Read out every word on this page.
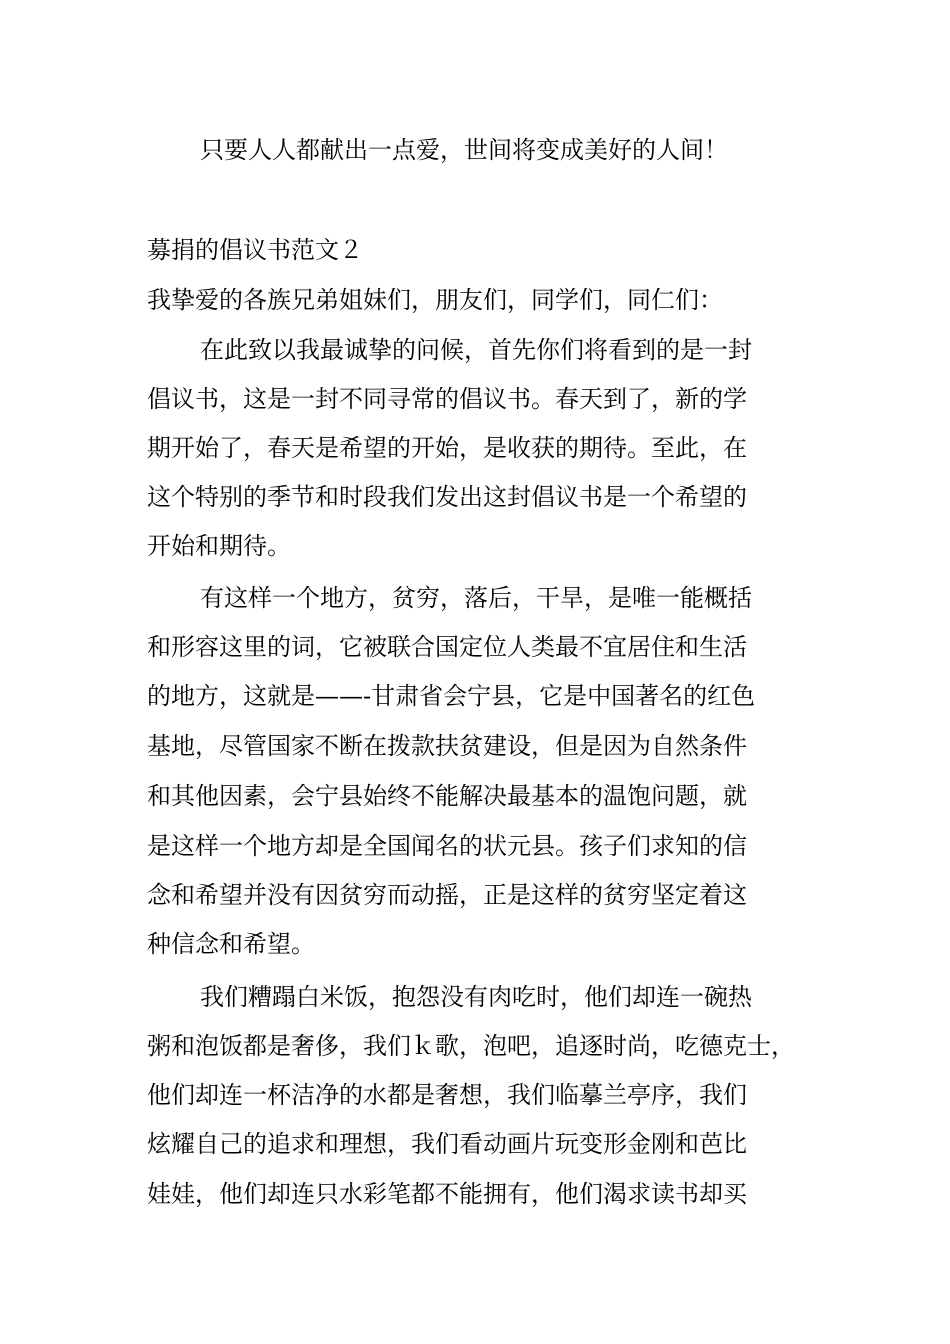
只要人人都献出一点爱，世间将变成美好的人间！
募捐的倡议书范文２
我挚爱的各族兄弟姐妹们，朋友们，同学们，同仁们：
在此致以我最诚挚的问候，首先你们将看到的是一封
倡议书，这是一封不同寻常的倡议书。春天到了，新的学
期开始了，春天是希望的开始，是收获的期待。至此，在
这个特别的季节和时段我们发出这封倡议书是一个希望的
开始和期待。
有这样一个地方，贫穷，落后，干旱，是唯一能概括
和形容这里的词，它被联合国定位人类最不宜居住和生活
的地方，这就是——-甘肃省会宁县，它是中国著名的红色
基地，尽管国家不断在拨款扶贫建设，但是因为自然条件
和其他因素，会宁县始终不能解决最基本的温饱问题，就
是这样一个地方却是全国闻名的状元县。孩子们求知的信
念和希望并没有因贫穷而动摇，正是这样的贫穷坚定着这
种信念和希望。
我们糟蹋白米饭，抱怨没有肉吃时，他们却连一碗热
粥和泡饭都是奢侈，我们ｋ歌，泡吧，追逐时尚，吃德克士，
他们却连一杯洁净的水都是奢想，我们临摹兰亭序，我们
炫耀自己的追求和理想，我们看动画片玩变形金刚和芭比
娃娃，他们却连只水彩笔都不能拥有，他们渴求读书却买
